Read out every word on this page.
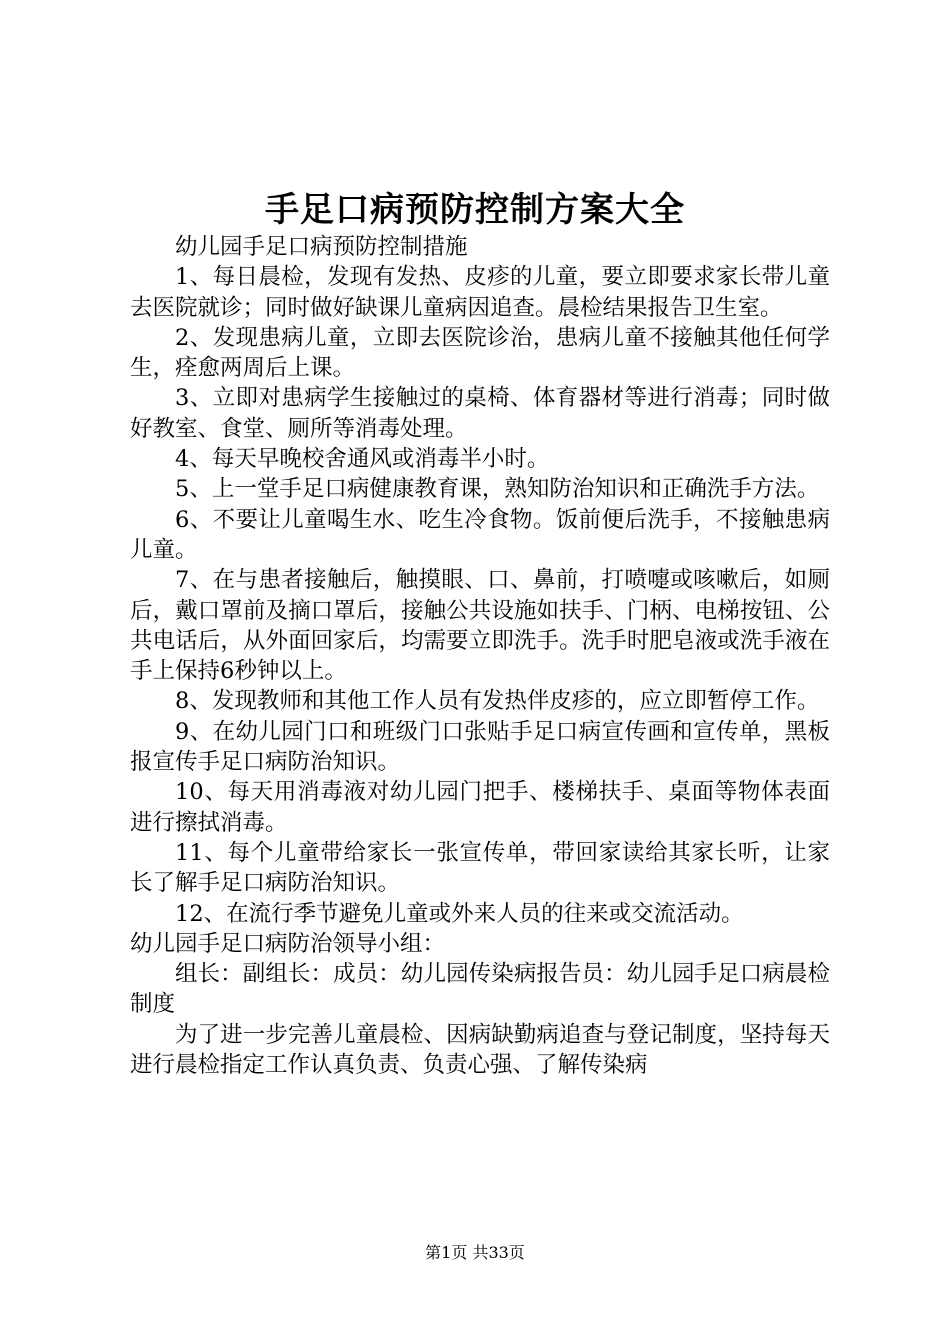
手足口病预防控制方案大全

幼儿园手足口病预防控制措施

1、每日晨检，发现有发热、皮疹的儿童，要立即要求家长带儿童去医院就诊；同时做好缺课儿童病因追查。晨检结果报告卫生室。

2、发现患病儿童，立即去医院诊治，患病儿童不接触其他任何学生，痊愈两周后上课。

3、立即对患病学生接触过的桌椅、体育器材等进行消毒；同时做好教室、食堂、厕所等消毒处理。

4、每天早晚校舍通风或消毒半小时。

5、上一堂手足口病健康教育课，熟知防治知识和正确洗手方法。

6、不要让儿童喝生水、吃生冷食物。饭前便后洗手，不接触患病儿童。

7、在与患者接触后，触摸眼、口、鼻前，打喷嚏或咳嗽后，如厕后，戴口罩前及摘口罩后，接触公共设施如扶手、门柄、电梯按钮、公共电话后，从外面回家后，均需要立即洗手。洗手时肥皂液或洗手液在手上保持6秒钟以上。

8、发现教师和其他工作人员有发热伴皮疹的，应立即暂停工作。

9、在幼儿园门口和班级门口张贴手足口病宣传画和宣传单，黑板报宣传手足口病防治知识。

10、每天用消毒液对幼儿园门把手、楼梯扶手、桌面等物体表面进行擦拭消毒。

11、每个儿童带给家长一张宣传单，带回家读给其家长听，让家长了解手足口病防治知识。

12、在流行季节避免儿童或外来人员的往来或交流活动。

幼儿园手足口病防治领导小组：

组长：副组长：成员：幼儿园传染病报告员：幼儿园手足口病晨检制度

为了进一步完善儿童晨检、因病缺勤病追查与登记制度，坚持每天进行晨检指定工作认真负责、负责心强、了解传染病

第1页 共33页
